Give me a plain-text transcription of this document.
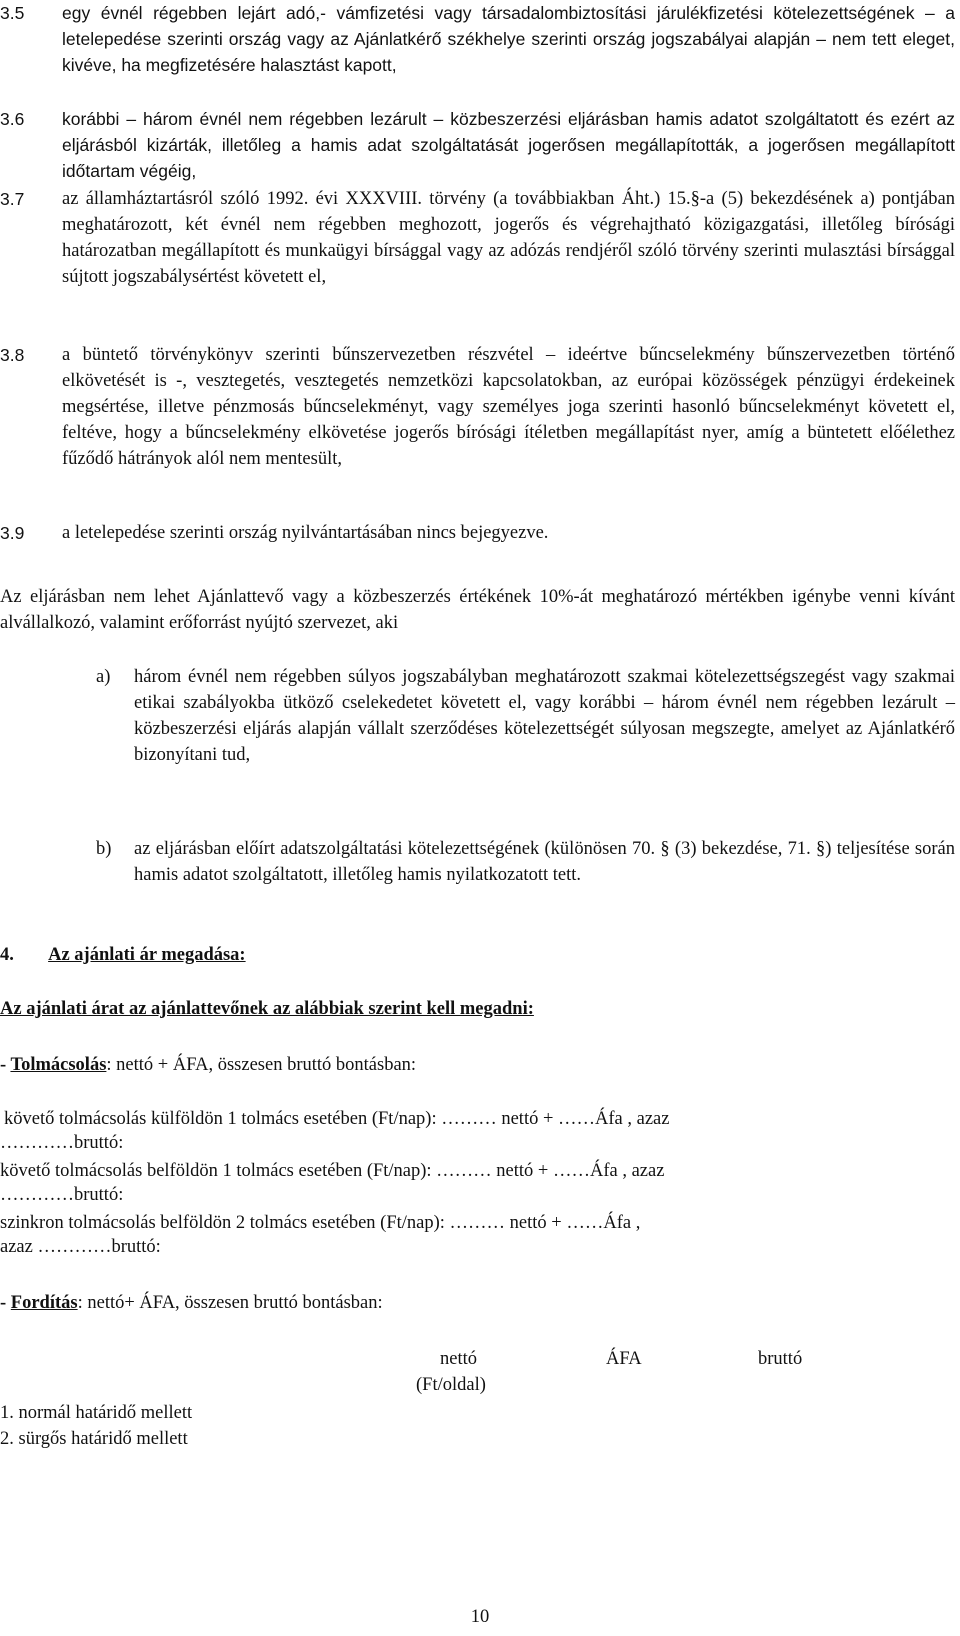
3.5 egy évnél régebben lejárt adó,- vámfizetési vagy társadalombiztosítási járulékfizetési kötelezettségének – a letelepedése szerinti ország vagy az Ajánlatkérő székhelye szerinti ország jogszabályai alapján – nem tett eleget, kivéve, ha megfizetésére halasztást kapott,
3.6 korábbi – három évnél nem régebben lezárult – közbeszerzési eljárásban hamis adatot szolgáltatott és ezért az eljárásból kizárták, illetőleg a hamis adat szolgáltatását jogerősen megállapították, a jogerősen megállapított időtartam végéig,
3.7 az államháztartásról szóló 1992. évi XXXVIII. törvény (a továbbiakban Áht.) 15.§-a (5) bekezdésének a) pontjában meghatározott, két évnél nem régebben meghozott, jogerős és végrehajtható közigazgatási, illetőleg bírósági határozatban megállapított és munkaügyi bírsággal vagy az adózás rendjéről szóló törvény szerinti mulasztási bírsággal sújtott jogszabálysértést követett el,
3.8 a büntető törvénykönyv szerinti bűnszervezetben részvétel – ideértve bűncselekmény bűnszervezetben történő elkövetését is -, vesztegetés, vesztegetés nemzetközi kapcsolatokban, az európai közösségek pénzügyi érdekeinek megsértése, illetve pénzmosás bűncselekményt, vagy személyes joga szerinti hasonló bűncselekményt követett el, feltéve, hogy a bűncselekmény elkövetése jogerős bírósági ítéletben megállapítást nyer, amíg a büntetett előélethez fűződő hátrányok alól nem mentesült,
3.9 a letelepedése szerinti ország nyilvántartásában nincs bejegyezve.
Az eljárásban nem lehet Ajánlattevő vagy a közbeszerzés értékének 10%-át meghatározó mértékben igénybe venni kívánt alvállalkozó, valamint erőforrást nyújtó szervezet, aki
a) három évnél nem régebben súlyos jogszabályban meghatározott szakmai kötelezettségszegést vagy szakmai etikai szabályokba ütköző cselekedetet követett el, vagy korábbi – három évnél nem régebben lezárult – közbeszerzési eljárás alapján vállalt szerződéses kötelezettségét súlyosan megszegte, amelyet az Ajánlatkérő bizonyítani tud,
b) az eljárásban előírt adatszolgáltatási kötelezettségének (különösen 70. § (3) bekezdése, 71. §) teljesítése során hamis adatot szolgáltatott, illetőleg hamis nyilatkozatott tett.
4. Az ajánlati ár megadása:
Az ajánlati árat az ajánlattevőnek az alábbiak szerint kell megadni:
- Tolmácsolás: nettó + ÁFA, összesen bruttó bontásban:
követő tolmácsolás külföldön 1 tolmács esetében (Ft/nap): ……… nettó + ……Áfa , azaz
…………bruttó:
követő tolmácsolás belföldön 1 tolmács esetében (Ft/nap): ……… nettó + ……Áfa , azaz
…………bruttó:
szinkron tolmácsolás belföldön 2 tolmács esetében (Ft/nap): ……… nettó + ……Áfa ,
azaz …………bruttó:
- Fordítás: nettó+ ÁFA, összesen bruttó bontásban:
nettó	ÁFA	bruttó
(Ft/oldal)
1. normál határidő mellett
2. sürgős határidő mellett
10
